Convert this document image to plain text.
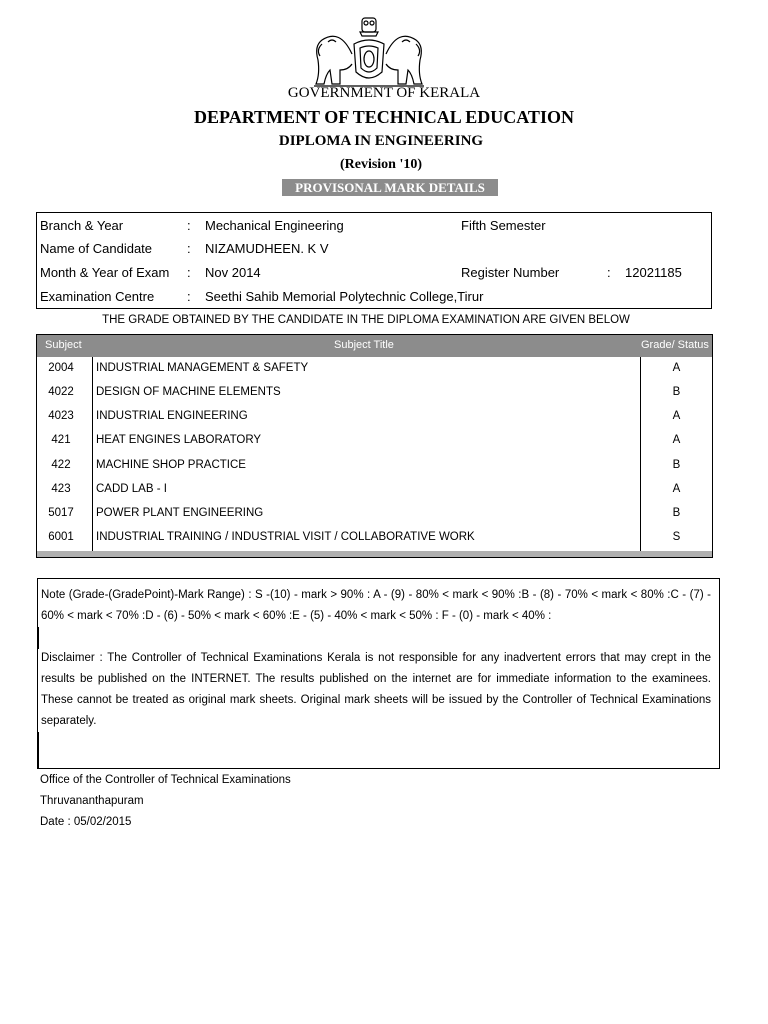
GOVERNMENT OF KERALA
DEPARTMENT OF TECHNICAL EDUCATION
DIPLOMA IN ENGINEERING
(Revision '10)
PROVISONAL MARK DETAILS
Branch & Year	: Mechanical Engineering	Fifth Semester
Name of Candidate	: NIZAMUDHEEN. K V
Month & Year of Exam : Nov 2014	Register Number	: 12021185
Examination Centre	: Seethi Sahib Memorial Polytechnic College,Tirur
THE GRADE OBTAINED BY THE CANDIDATE IN THE DIPLOMA EXAMINATION ARE GIVEN BELOW
Subject	Subject Title	Grade/ Status
2004	INDUSTRIAL MANAGEMENT & SAFETY	A
4022	DESIGN OF MACHINE ELEMENTS	B
4023	INDUSTRIAL ENGINEERING	A
421	HEAT ENGINES LABORATORY	A
422	MACHINE SHOP PRACTICE	B
423	CADD LAB - I	A
5017	POWER PLANT ENGINEERING	B
6001	INDUSTRIAL TRAINING / INDUSTRIAL VISIT / COLLABORATIVE WORK	S
Note (Grade-(GradePoint)-Mark Range) : S -(10) - mark > 90% : A - (9) - 80% < mark < 90% :B - (8) - 70% < mark < 80% :C - (7) - 60% < mark < 70% :D - (6) - 50% < mark < 60% :E - (5) - 40% < mark < 50% : F - (0) - mark < 40% :
Disclaimer : The Controller of Technical Examinations Kerala is not responsible for any inadvertent errors that may crept in the results be published on the INTERNET. The results published on the internet are for immediate information to the examinees. These cannot be treated as original mark sheets. Original mark sheets will be issued by the Controller of Technical Examinations separately.
Office of the Controller of Technical Examinations
Thruvananthapuram
Date : 05/02/2015
